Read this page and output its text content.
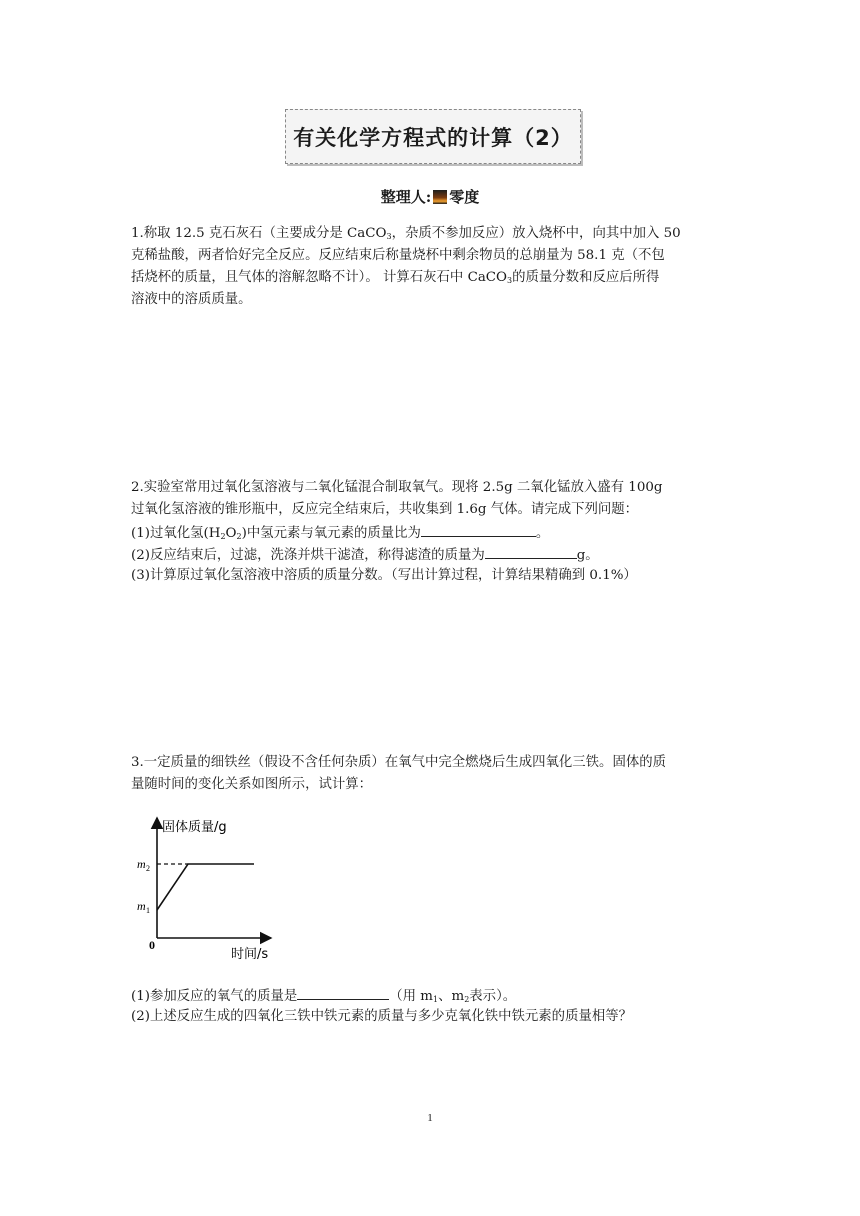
有关化学方程式的计算（2）
整理人: 零度
1.称取 12.5 克石灰石（主要成分是 CaCO$_3$，杂质不参加反应）放入烧杯中，向其中加入 50
克稀盐酸，两者恰好完全反应。反应结束后称量烧杯中剩余物员的总崩量为 58.1 克（不包
括烧杯的质量，且气体的溶解忽略不计）。 计算石灰石中 CaCO$_3$的质量分数和反应后所得
溶液中的溶质质量。
2.实验室常用过氧化氢溶液与二氧化锰混合制取氧气。现将 2.5g 二氧化锰放入盛有 100g
过氧化氢溶液的锥形瓶中，反应完全结束后，共收集到 1.6g 气体。请完成下列问题：
(1)过氧化氢$(H_2O_2)$中氢元素与氧元素的质量比为	。
(2)反应结束后，过滤，洗涤并烘干滤渣，称得滤渣的质量为	g。
(3)计算原过氧化氢溶液中溶质的质量分数。（写出计算过程，计算结果精确到 0.1%）
3.一定质量的细铁丝（假设不含任何杂质）在氧气中完全燃烧后生成四氧化三铁。固体的质
量随时间的变化关系如图所示，试计算：
固体质量/g
时间/s
0
m 2
m 1
(1)参加反应的氧气的质量是	（用 $m_1$、$m_2$表示）。
(2)上述反应生成的四氧化三铁中铁元素的质量与多少克氧化铁中铁元素的质量相等？
1
